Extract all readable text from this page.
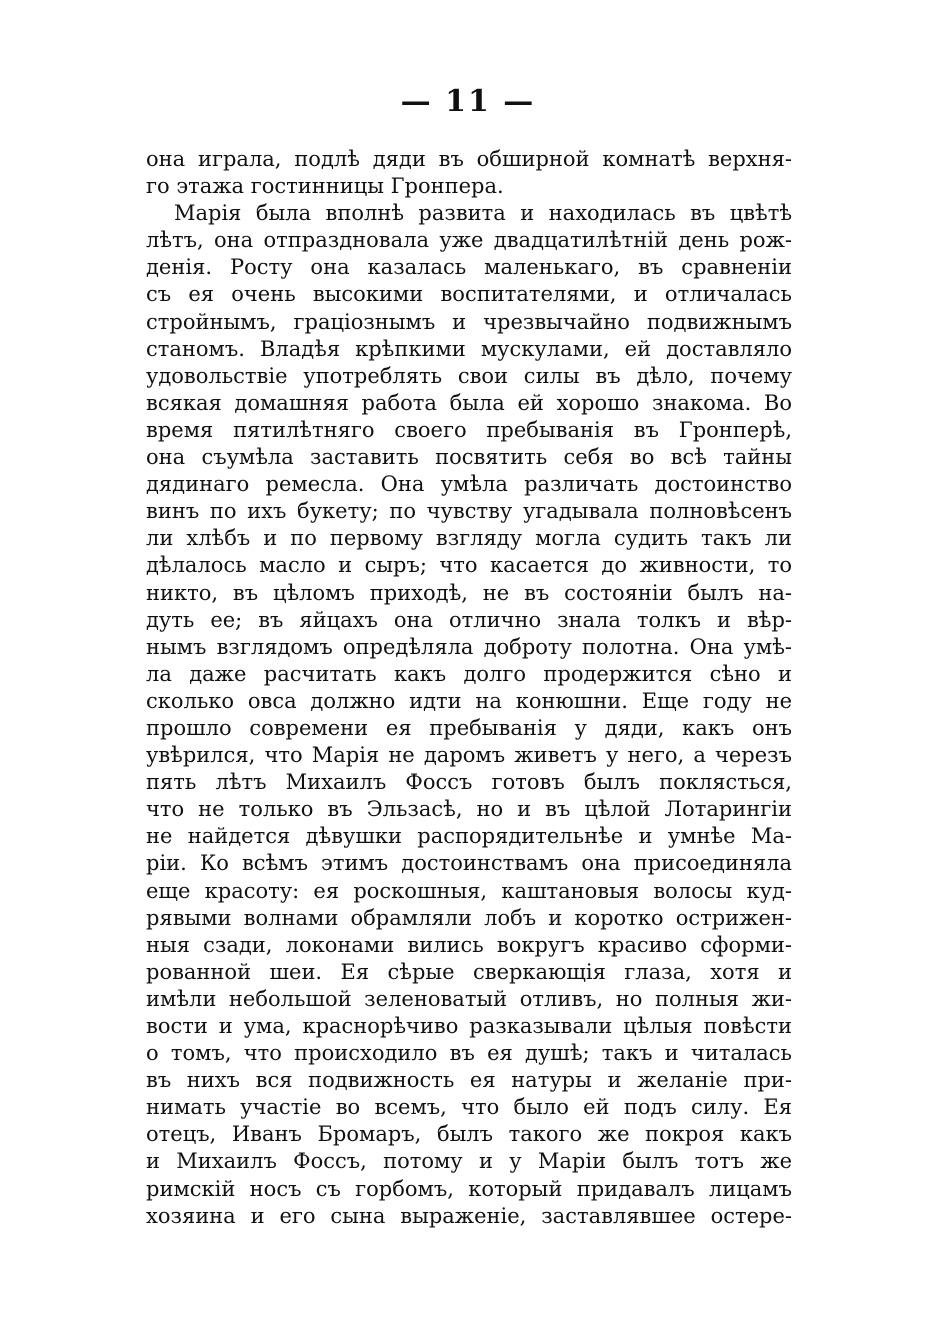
— 11 —
она играла, подлѣ дяди въ обширной комнатѣ верхня-
го этажа гостинницы Гронпера.
Марія была вполнѣ развита и находилась въ цвѣтѣ
лѣтъ, она отпраздновала уже двадцатилѣтній день рож-
денія. Росту она казалась маленькаго, въ сравненіи
съ ея очень высокими воспитателями, и отличалась
стройнымъ, граціознымъ и чрезвычайно подвижнымъ
станомъ. Владѣя крѣпкими мускулами, ей доставляло
удовольствіе употреблять свои силы въ дѣло, почему
всякая домашняя работа была ей хорошо знакома. Во
время пятилѣтняго своего пребыванія въ Гронперѣ,
она съумѣла заставить посвятить себя во всѣ тайны
дядинаго ремесла. Она умѣла различать достоинство
винъ по ихъ букету; по чувству угадывала полновѣсенъ
ли хлѣбъ и по первому взгляду могла судить такъ ли
дѣлалось масло и сыръ; что касается до живности, то
никто, въ цѣломъ приходѣ, не въ состояніи былъ на-
дуть ее; въ яйцахъ она отлично знала толкъ и вѣр-
нымъ взглядомъ опредѣляла доброту полотна. Она умѣ-
ла даже расчитать какъ долго продержится сѣно и
сколько овса должно идти на конюшни. Еще году не
прошло современи ея пребыванія у дяди, какъ онъ
увѣрился, что Марія не даромъ живетъ у него, а черезъ
пять лѣтъ Михаилъ Фоссъ готовъ былъ поклясться,
что не только въ Эльзасѣ, но и въ цѣлой Лотарингіи
не найдется дѣвушки распорядительнѣе и умнѣе Ма-
ріи. Ко всѣмъ этимъ достоинствамъ она присоединяла
еще красоту: ея роскошныя, каштановыя волосы куд-
рявыми волнами обрамляли лобъ и коротко острижен-
ныя сзади, локонами вились вокругъ красиво сформи-
рованной шеи. Ея сѣрые сверкающія глаза, хотя и
имѣли небольшой зеленоватый отливъ, но полныя жи-
вости и ума, краснорѣчиво разказывали цѣлыя повѣсти
о томъ, что происходило въ ея душѣ; такъ и читалась
въ нихъ вся подвижность ея натуры и желаніе при-
нимать участіе во всемъ, что было ей подъ силу. Ея
отецъ, Иванъ Бромаръ, былъ такого же покроя какъ
и Михаилъ Фоссъ, потому и у Маріи былъ тотъ же
римскій носъ съ горбомъ, который придавалъ лицамъ
хозяина и его сына выраженіе, заставлявшее остере-
